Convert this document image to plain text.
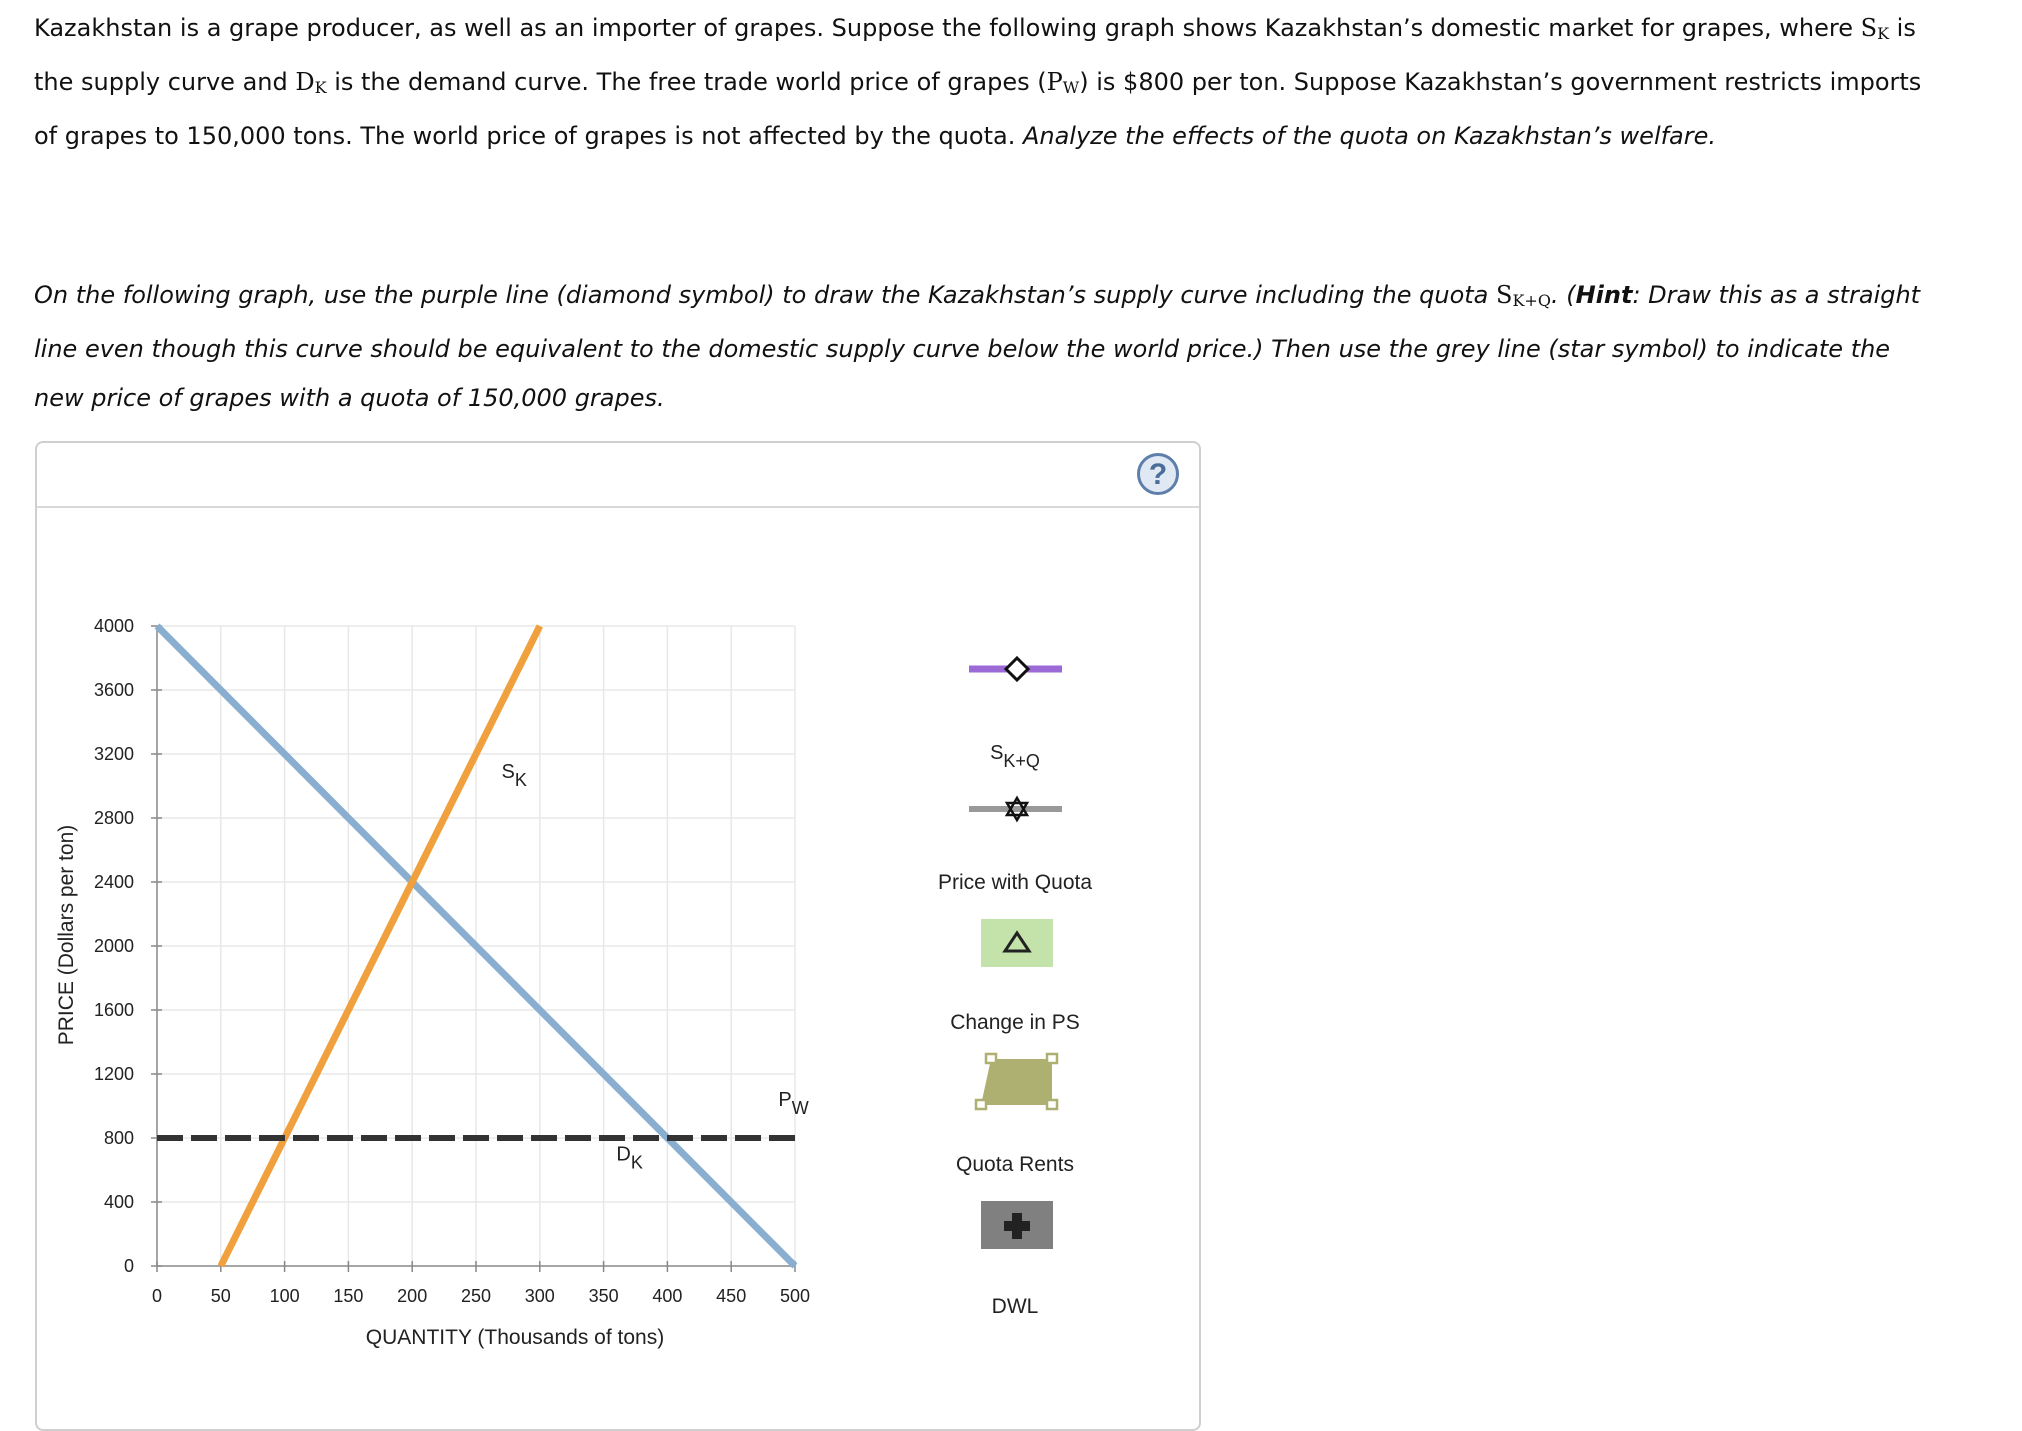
Kazakhstan is a grape producer, as well as an importer of grapes. Suppose the following graph shows Kazakhstan’s domestic market for grapes, where $S_K$ is the supply curve and $D_K$ is the demand curve. The free trade world price of grapes $(P_W)$ is $800 per ton. Suppose Kazakhstan’s government restricts imports of grapes to 150,000 tons. The world price of grapes is not affected by the quota. Analyze the effects of the quota on Kazakhstan’s welfare.
On the following graph, use the purple line (diamond symbol) to draw the Kazakhstan’s supply curve including the quota $S_{K+Q}$. (Hint: Draw this as a straight line even though this curve should be equivalent to the domestic supply curve below the world price.) Then use the grey line (star symbol) to indicate the new price of grapes with a quota of 150,000 grapes.
?
0	50 100 150 200 250 300 350 400 450 500
0
400
800
1200
1600
2000
2400
2800
3200
3600
4000
SK
DK
PW
QUANTITY (Thousands of tons)
PRICE (Dollars per ton)
SK+Q
Price with Quota
Change in PS
Quota Rents
DWL
